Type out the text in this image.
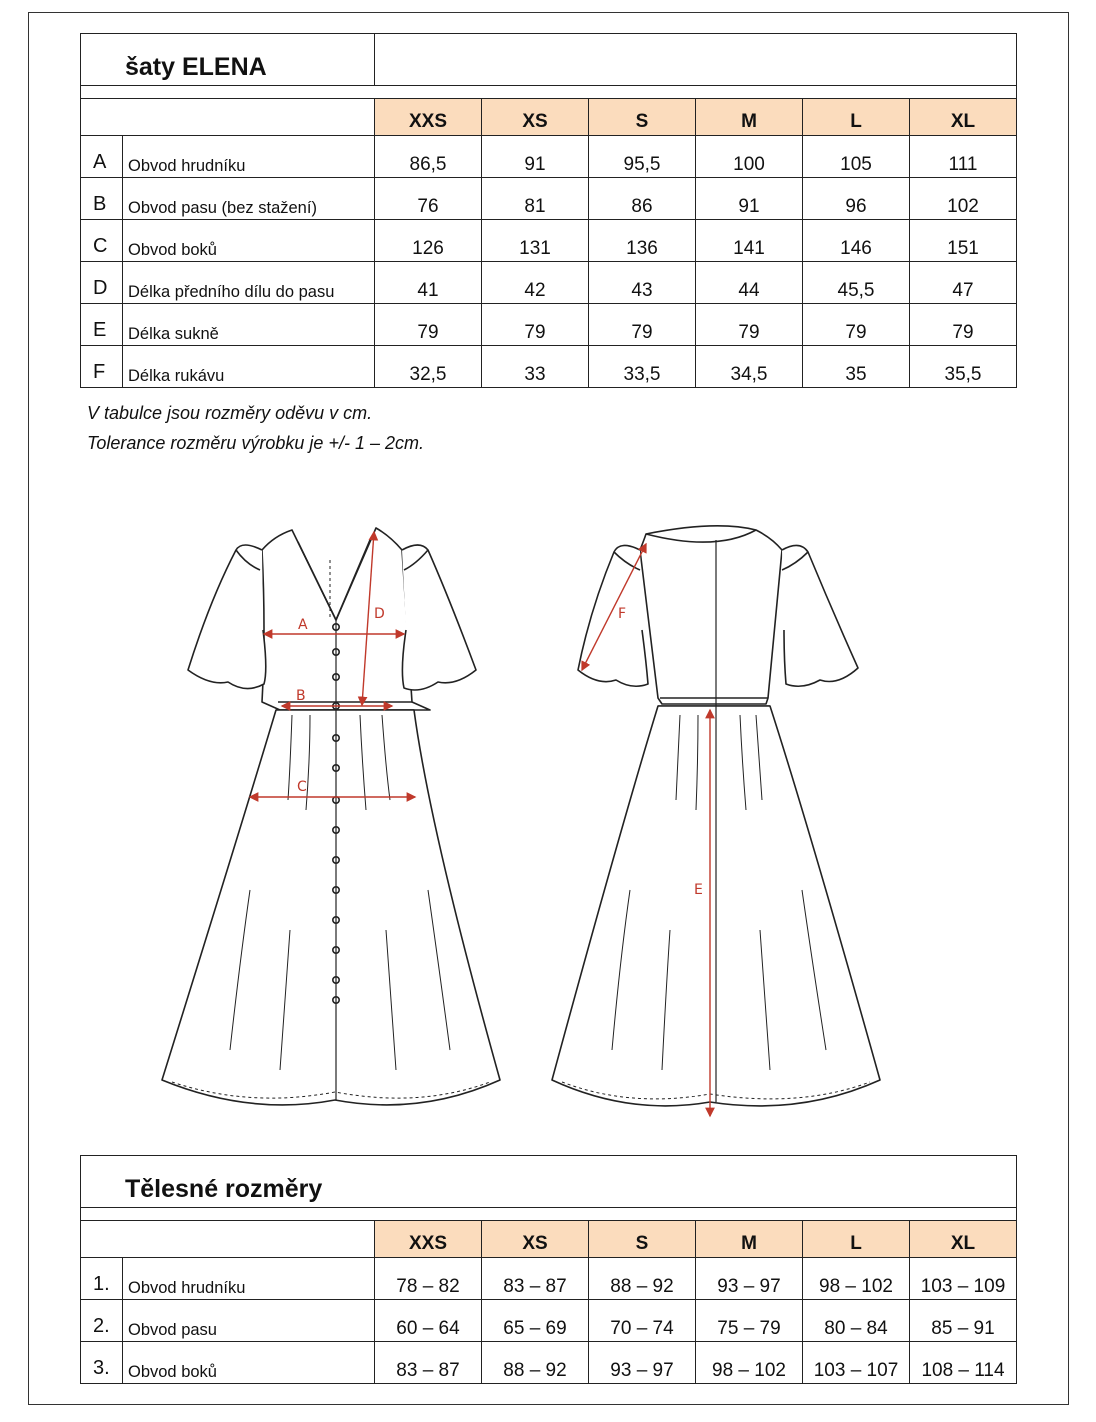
šaty ELENA							

		XXS	XS	S	M	L	XL
A	Obvod hrudníku	86,5	91	95,5	100	105	111
B	Obvod pasu (bez stažení)	76	81	86	91	96	102
C	Obvod boků	126	131	136	141	146	151
D	Délka předního dílu do pasu	41	42	43	44	45,5	47
E	Délka sukně	79	79	79	79	79	79
F	Délka rukávu	32,5	33	33,5	34,5	35	35,5
V tabulce jsou rozměry oděvu v cm.
Tolerance rozměru výrobku je +/- 1 – 2cm.
A
B
C
D
E
F
Tělesné rozměry							

		XXS	XS	S	M	L	XL
1.	Obvod hrudníku	78 – 82	83 – 87	88 – 92	93 – 97	98 – 102	103 – 109
2.	Obvod pasu	60 – 64	65 – 69	70 – 74	75 – 79	80 – 84	85 – 91
3.	Obvod boků	83 – 87	88 – 92	93 – 97	98 – 102	103 – 107	108 – 114
